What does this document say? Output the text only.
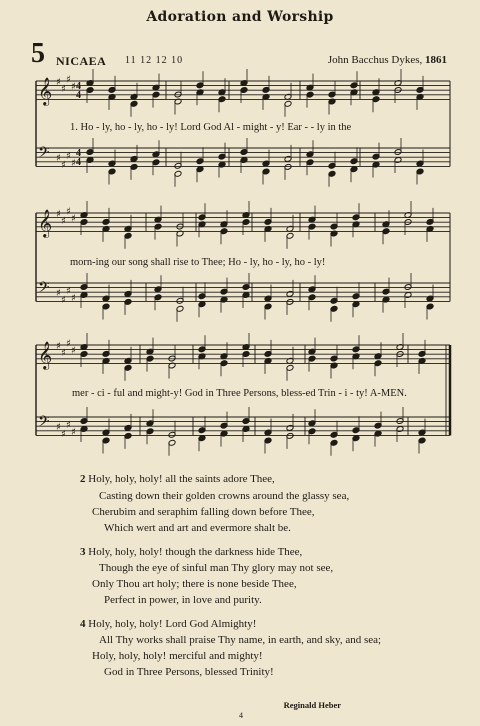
Adoration and Worship
5 NICAEA 11 12 12 10	John Bacchus Dykes, 1861
𝄞
𝄢
♯
♯
♯
♯
♯
♯
♯
♯
4
4
4
4
𝄞
𝄢
♯
♯
♯
♯
♯
♯
♯
♯
𝄞
𝄢
♯
♯
♯
♯
♯
♯
♯
♯
1. Ho - ly, ho - ly, ho - ly! Lord God Al - might - y! Ear - - ly in the
morn-ing our song shall rise to Thee; Ho - ly, ho - ly, ho - ly!
mer - ci - ful and might-y! God in Three Persons, bless-ed Trin - i - ty! A-MEN.
2 Holy, holy, holy! all the saints adore Thee,
Casting down their golden crowns around the glassy sea,
Cherubim and seraphim falling down before Thee,
Which wert and art and evermore shalt be.
3 Holy, holy, holy! though the darkness hide Thee,
Though the eye of sinful man Thy glory may not see,
Only Thou art holy; there is none beside Thee,
Perfect in power, in love and purity.
4 Holy, holy, holy! Lord God Almighty!
All Thy works shall praise Thy name, in earth, and sky, and sea;
Holy, holy, holy! merciful and mighty!
God in Three Persons, blessed Trinity!
Reginald Heber
4
